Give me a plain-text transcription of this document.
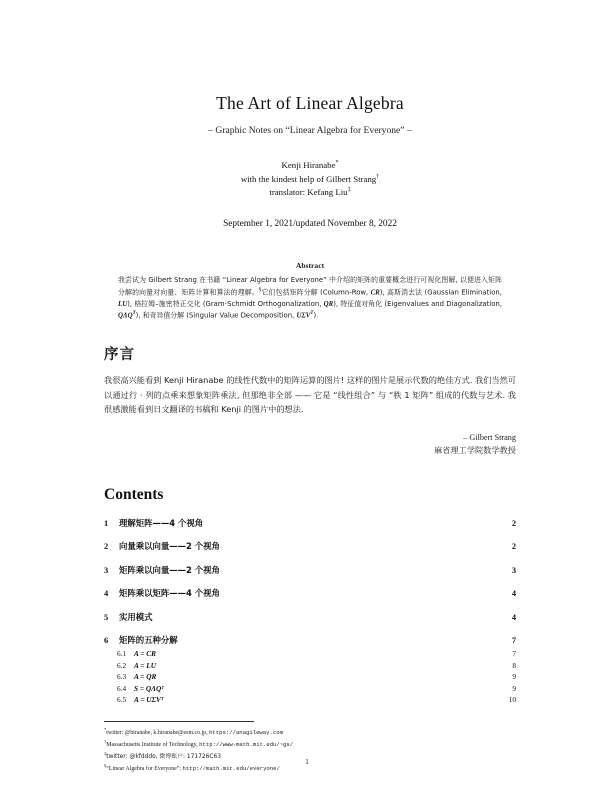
The Art of Linear Algebra
– Graphic Notes on “Linear Algebra for Everyone” –
Kenji Hiranabe*
with the kindest help of Gilbert Strang†
translator: Kefang Liu‡
September 1, 2021/updated November 8, 2022
Abstract
我尝试为 Gilbert Strang 在书籍 “Linear Algebra for Everyone” 中介绍的矩阵的重要概念进行可视化图解, 以便进入矩阵分解的向量对向量、矩阵计算和算法的理解。§它们包括矩阵分解 (Column-Row, CR), 高斯消去法 (Gaussian Elimination, LU), 格拉姆–施密特正交化 (Gram-Schmidt Orthogonalization, QR), 特征值对角化 (Eigenvalues and Diagonalization, $Q\Lambda Q^T$), 和奇异值分解 (Singular Value Decomposition, $U\Sigma V^T$).
序言
我很高兴能看到 Kenji Hiranabe 的线性代数中的矩阵运算的图片! 这样的图片是展示代数的绝佳方式. 我们当然可以通过行 · 列的点乘来想象矩阵乘法, 但那绝非全部 —— 它是 “线性组合” 与 “秩 1 矩阵” 组成的代数与艺术. 我很感激能看到日文翻译的书稿和 Kenji 的图片中的想法.
– Gilbert Strang
麻省理工学院数学教授
Contents
1	理解矩阵——4 个视角	2
2	向量乘以向量——2 个视角	2
3	矩阵乘以向量——2 个视角	3
4	矩阵乘以矩阵——4 个视角	4
5	实用模式	4
6	矩阵的五种分解	7
6.1	A = CR	7
6.2	A = LU	8
6.3	A = QR	9
6.4	S = QΛQᵀ	9
6.5	A = UΣVᵀ	10
*twitter: @hiranabe, k.hiranabe@esm.co.jp, https://anagileway.com
†Massachusetts Institute of Technology, http://www-math.mit.edu/~gs/
‡twitter: @kfdddo, 微博账户: 171726C63
§“Linear Algebra for Everyone”: http://math.mit.edu/everyone/
1
